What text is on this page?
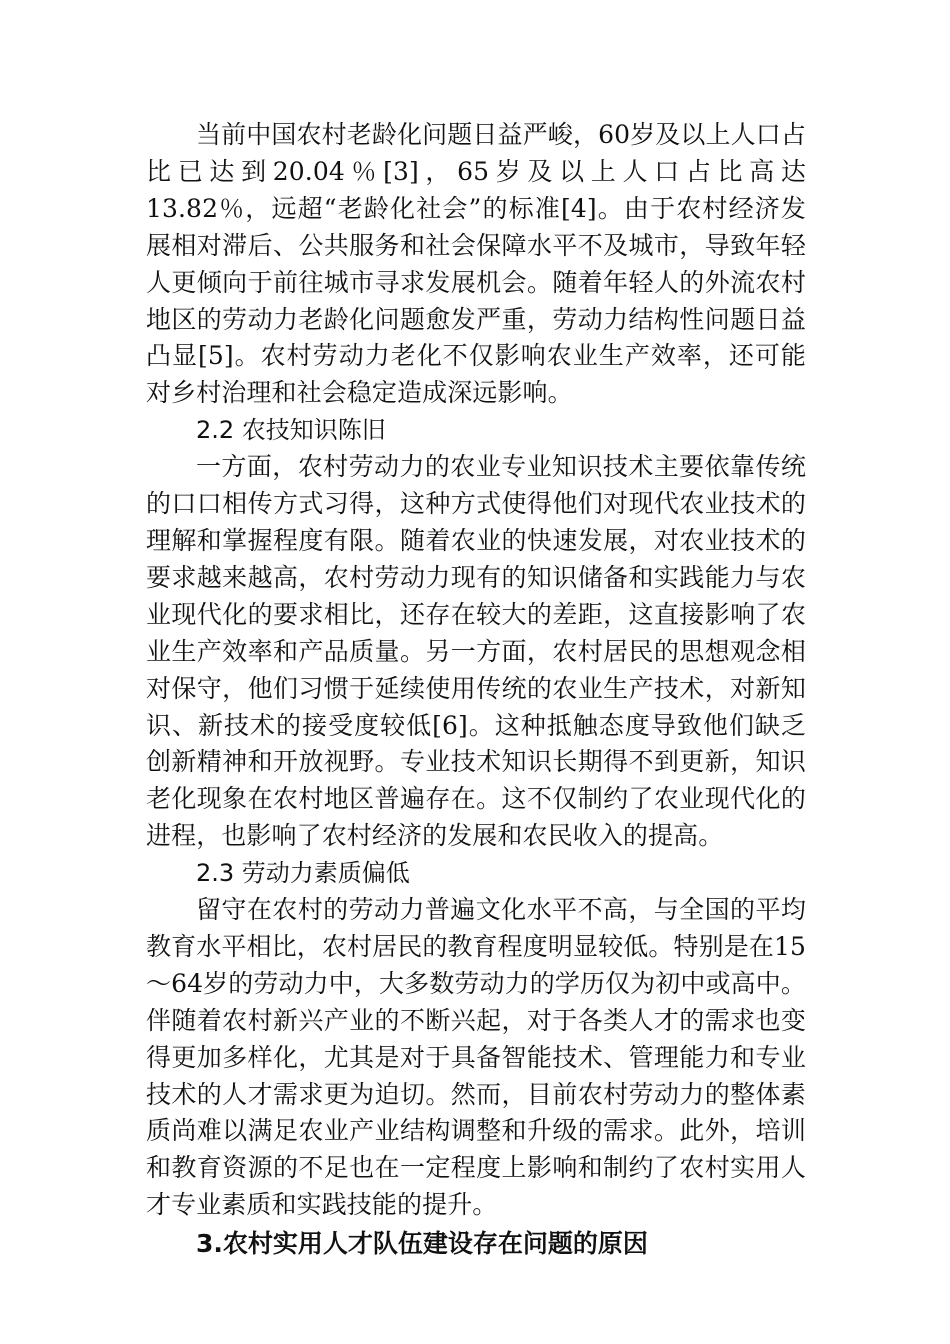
当前中国农村老龄化问题日益严峻，60岁及以上人口占比已达到20.04％[3]，65岁及以上人口占比高达13.82％，远超“老龄化社会”的标准[4]。由于农村经济发展相对滞后、公共服务和社会保障水平不及城市，导致年轻人更倾向于前往城市寻求发展机会。随着年轻人的外流农村地区的劳动力老龄化问题愈发严重，劳动力结构性问题日益凸显[5]。农村劳动力老化不仅影响农业生产效率，还可能对乡村治理和社会稳定造成深远影响。

2.2 农技知识陈旧

一方面，农村劳动力的农业专业知识技术主要依靠传统的口口相传方式习得，这种方式使得他们对现代农业技术的理解和掌握程度有限。随着农业的快速发展，对农业技术的要求越来越高，农村劳动力现有的知识储备和实践能力与农业现代化的要求相比，还存在较大的差距，这直接影响了农业生产效率和产品质量。另一方面，农村居民的思想观念相对保守，他们习惯于延续使用传统的农业生产技术，对新知识、新技术的接受度较低[6]。这种抵触态度导致他们缺乏创新精神和开放视野。专业技术知识长期得不到更新，知识老化现象在农村地区普遍存在。这不仅制约了农业现代化的进程，也影响了农村经济的发展和农民收入的提高。

2.3 劳动力素质偏低

留守在农村的劳动力普遍文化水平不高，与全国的平均教育水平相比，农村居民的教育程度明显较低。特别是在15～64岁的劳动力中，大多数劳动力的学历仅为初中或高中。伴随着农村新兴产业的不断兴起，对于各类人才的需求也变得更加多样化，尤其是对于具备智能技术、管理能力和专业技术的人才需求更为迫切。然而，目前农村劳动力的整体素质尚难以满足农业产业结构调整和升级的需求。此外，培训和教育资源的不足也在一定程度上影响和制约了农村实用人才专业素质和实践技能的提升。

3.农村实用人才队伍建设存在问题的原因
